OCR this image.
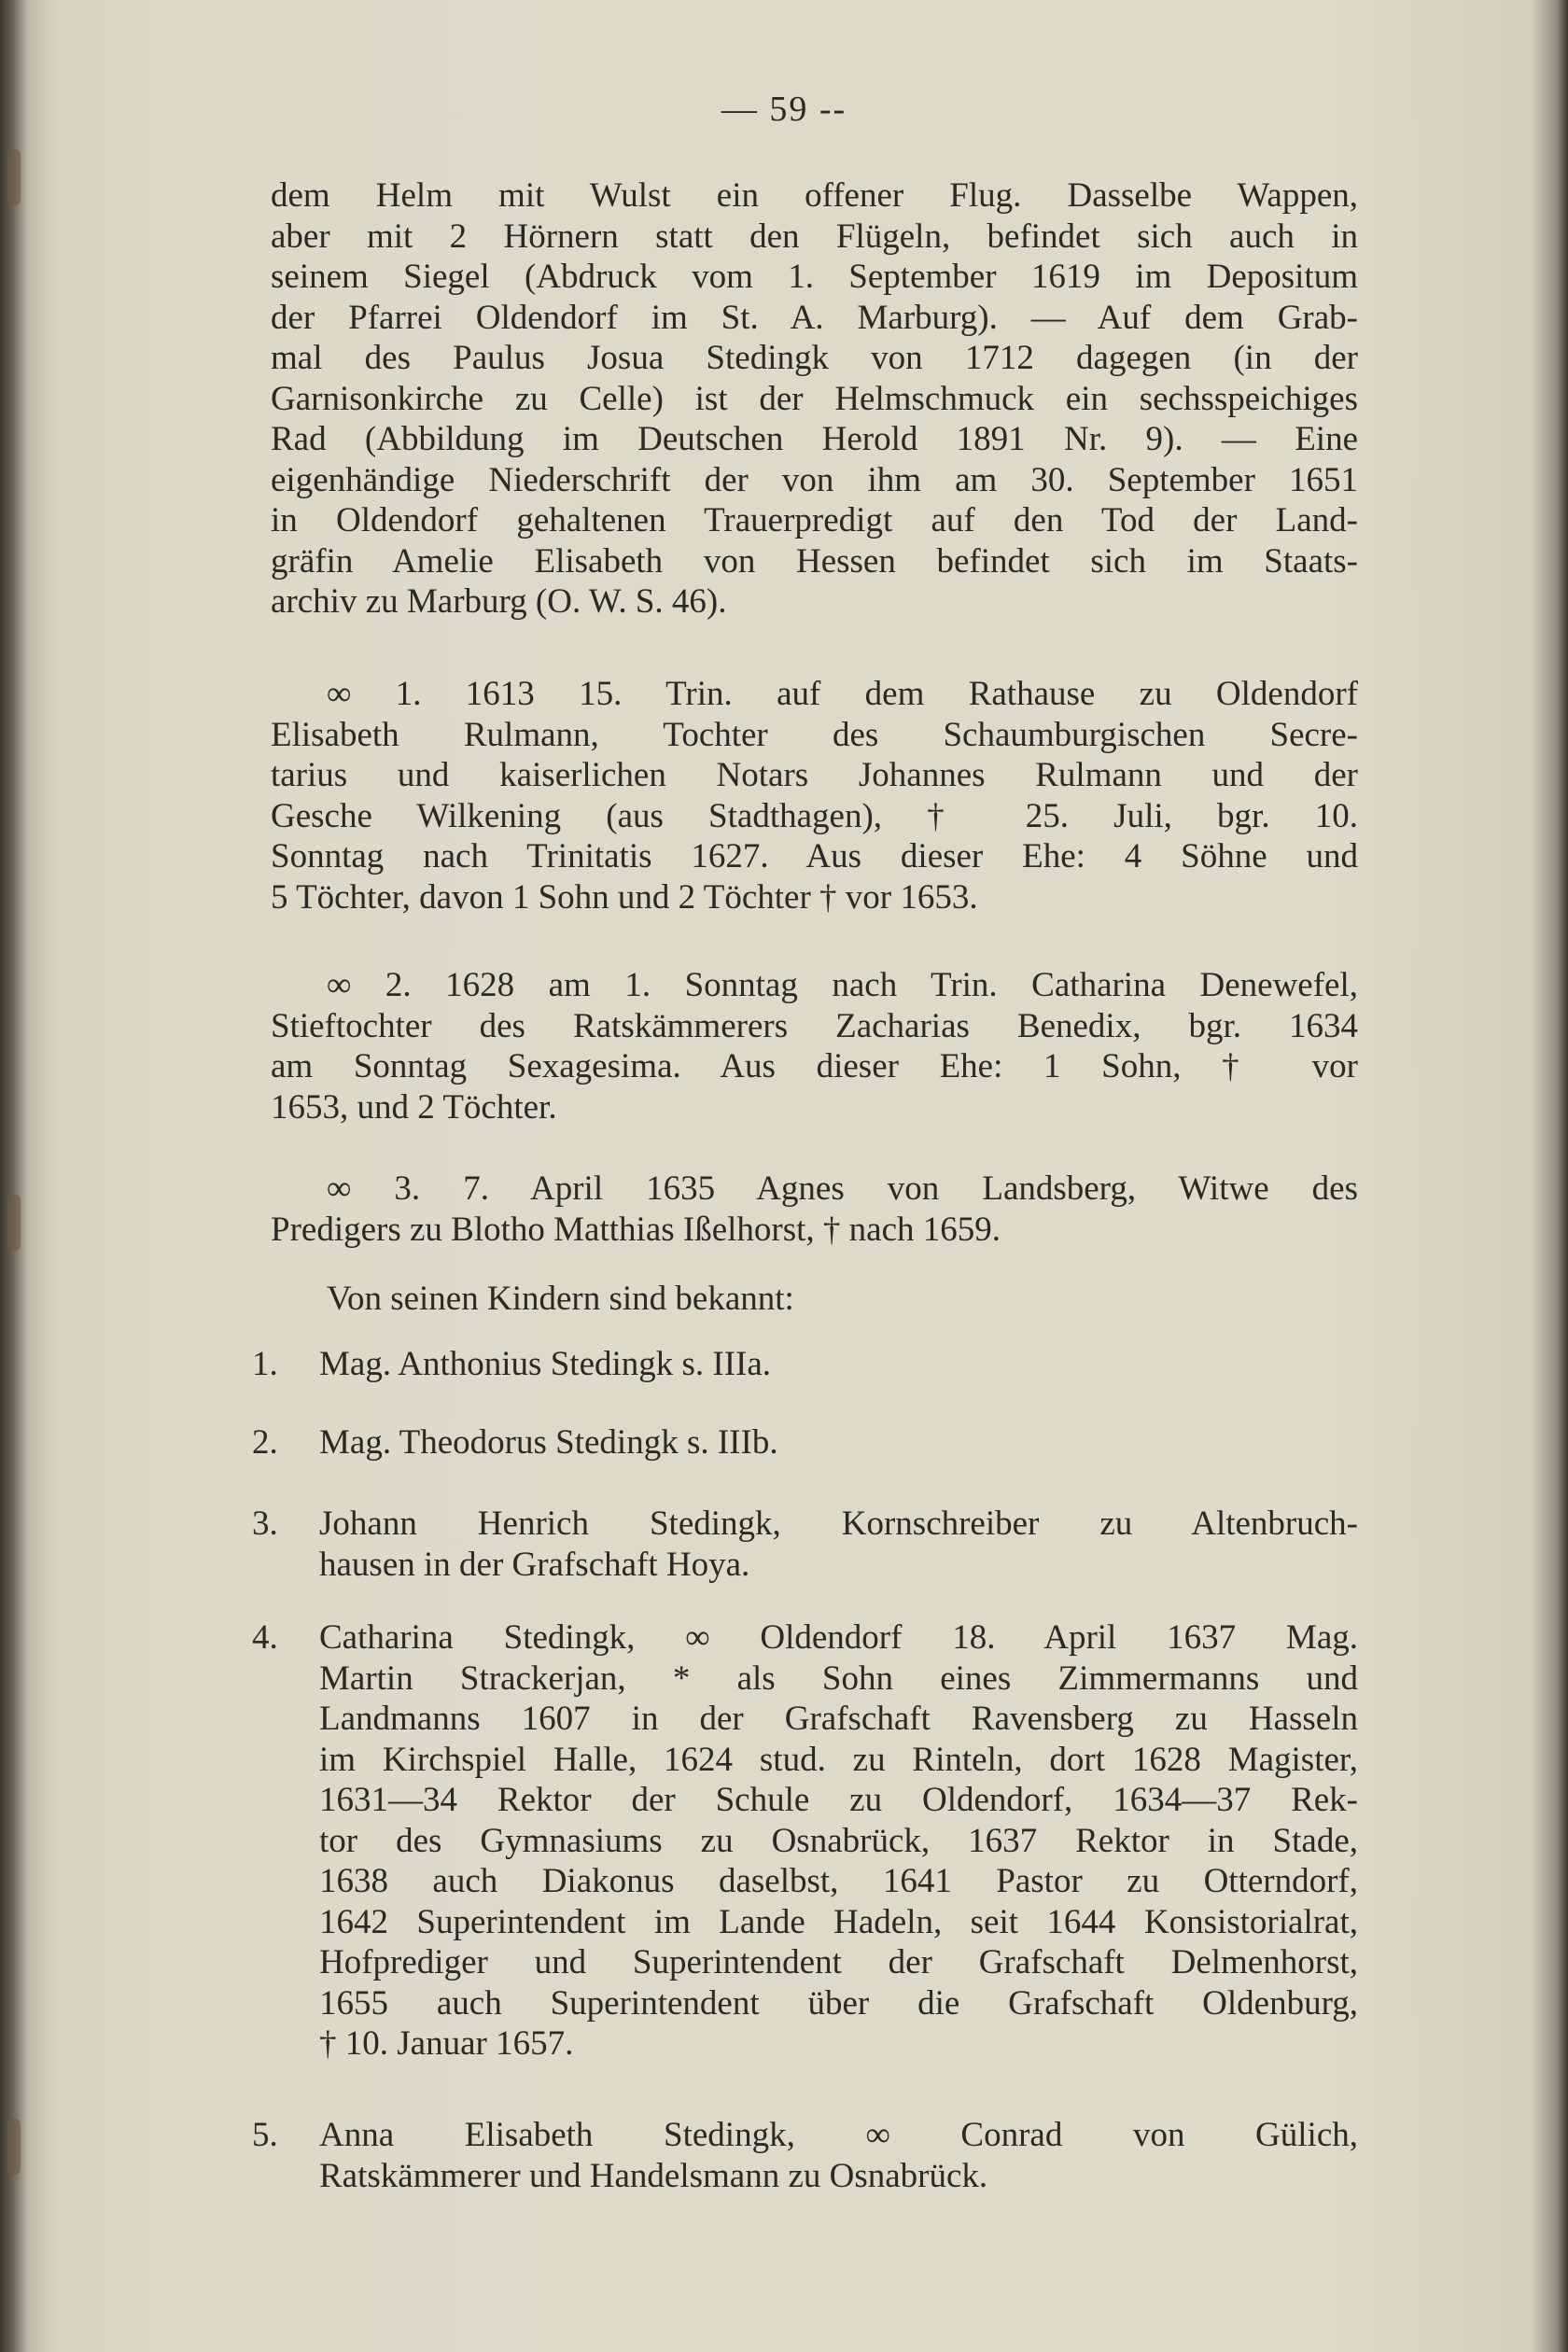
— 59 --
dem Helm mit Wulst ein offener Flug. Dasselbe Wappen,
aber mit 2 Hörnern statt den Flügeln, befindet sich auch in
seinem Siegel (Abdruck vom 1. September 1619 im Depositum
der Pfarrei Oldendorf im St. A. Marburg). — Auf dem Grab-
mal des Paulus Josua Stedingk von 1712 dagegen (in der
Garnisonkirche zu Celle) ist der Helmschmuck ein sechsspeichiges
Rad (Abbildung im Deutschen Herold 1891 Nr. 9). — Eine
eigenhändige Niederschrift der von ihm am 30. September 1651
in Oldendorf gehaltenen Trauerpredigt auf den Tod der Land-
gräfin Amelie Elisabeth von Hessen befindet sich im Staats-
archiv zu Marburg (O. W. S. 46).
∞ 1. 1613 15. Trin. auf dem Rathause zu Oldendorf
Elisabeth Rulmann, Tochter des Schaumburgischen Secre-
tarius und kaiserlichen Notars Johannes Rulmann und der
Gesche Wilkening (aus Stadthagen), † 25. Juli, bgr. 10.
Sonntag nach Trinitatis 1627. Aus dieser Ehe: 4 Söhne und
5 Töchter, davon 1 Sohn und 2 Töchter † vor 1653.
∞ 2. 1628 am 1. Sonntag nach Trin. Catharina Denewefel,
Stieftochter des Ratskämmerers Zacharias Benedix, bgr. 1634
am Sonntag Sexagesima. Aus dieser Ehe: 1 Sohn, † vor
1653, und 2 Töchter.
∞ 3. 7. April 1635 Agnes von Landsberg, Witwe des
Predigers zu Blotho Matthias Ißelhorst, † nach 1659.
Von seinen Kindern sind bekannt:
1. Mag. Anthonius Stedingk s. IIIa.
2. Mag. Theodorus Stedingk s. IIIb.
3. Johann Henrich Stedingk, Kornschreiber zu Altenbruch-
hausen in der Grafschaft Hoya.
4. Catharina Stedingk, ∞ Oldendorf 18. April 1637 Mag.
Martin Strackerjan, * als Sohn eines Zimmermanns und
Landmanns 1607 in der Grafschaft Ravensberg zu Hasseln
im Kirchspiel Halle, 1624 stud. zu Rinteln, dort 1628 Magister,
1631—34 Rektor der Schule zu Oldendorf, 1634—37 Rek-
tor des Gymnasiums zu Osnabrück, 1637 Rektor in Stade,
1638 auch Diakonus daselbst, 1641 Pastor zu Otterndorf,
1642 Superintendent im Lande Hadeln, seit 1644 Konsistorialrat,
Hofprediger und Superintendent der Grafschaft Delmenhorst,
1655 auch Superintendent über die Grafschaft Oldenburg,
† 10. Januar 1657.
5. Anna Elisabeth Stedingk, ∞ Conrad von Gülich,
Ratskämmerer und Handelsmann zu Osnabrück.
